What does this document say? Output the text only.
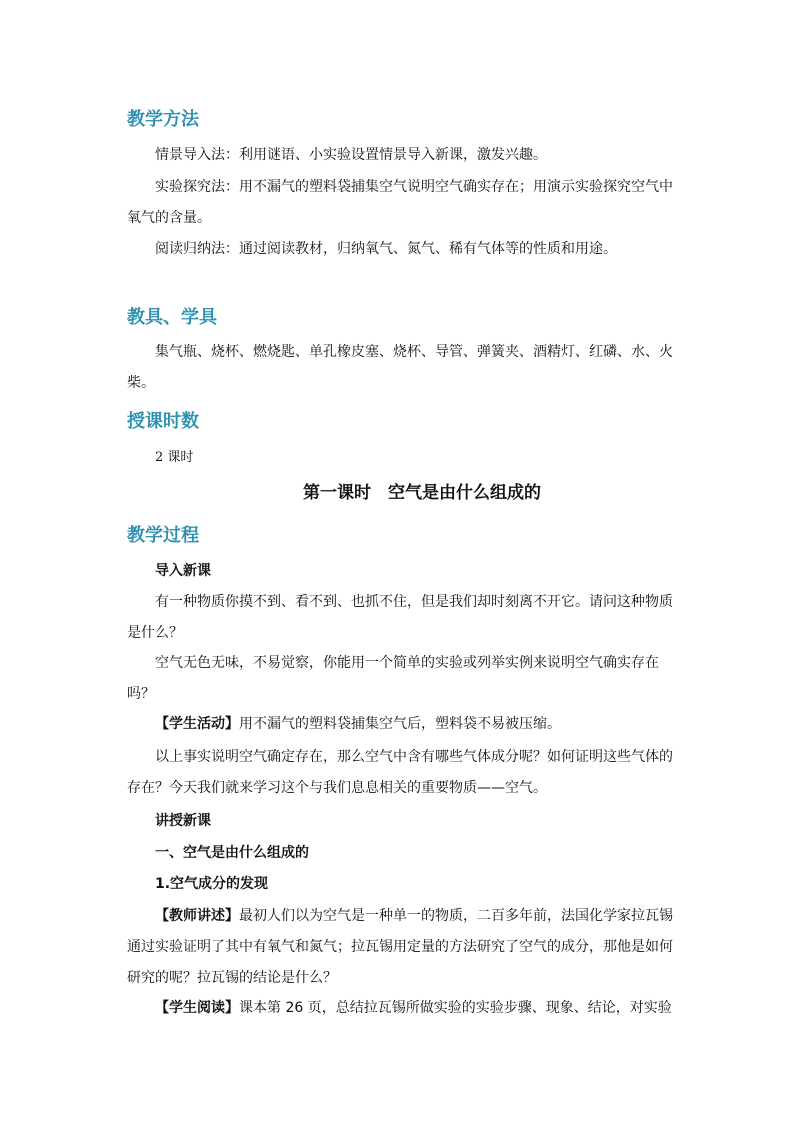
教学方法

情景导入法：利用谜语、小实验设置情景导入新课，激发兴趣。

实验探究法：用不漏气的塑料袋捕集空气说明空气确实存在；用演示实验探究空气中氧气的含量。

阅读归纳法：通过阅读教材，归纳氧气、氮气、稀有气体等的性质和用途。

教具、学具

集气瓶、烧杯、燃烧匙、单孔橡皮塞、烧杯、导管、弹簧夹、酒精灯、红磷、水、火柴。

授课时数

2 课时

第一课时　空气是由什么组成的
教学过程

导入新课

有一种物质你摸不到、看不到、也抓不住，但是我们却时刻离不开它。请问这种物质是什么？

空气无色无味，不易觉察，你能用一个简单的实验或列举实例来说明空气确实存在吗？

【学生活动】用不漏气的塑料袋捕集空气后，塑料袋不易被压缩。

以上事实说明空气确定存在，那么空气中含有哪些气体成分呢？如何证明这些气体的存在？今天我们就来学习这个与我们息息相关的重要物质——空气。

讲授新课

一、空气是由什么组成的

1.空气成分的发现

【教师讲述】最初人们以为空气是一种单一的物质，二百多年前，法国化学家拉瓦锡通过实验证明了其中有氧气和氮气；拉瓦锡用定量的方法研究了空气的成分，那他是如何研究的呢？拉瓦锡的结论是什么？

【学生阅读】课本第 26 页，总结拉瓦锡所做实验的实验步骤、现象、结论，对实验
